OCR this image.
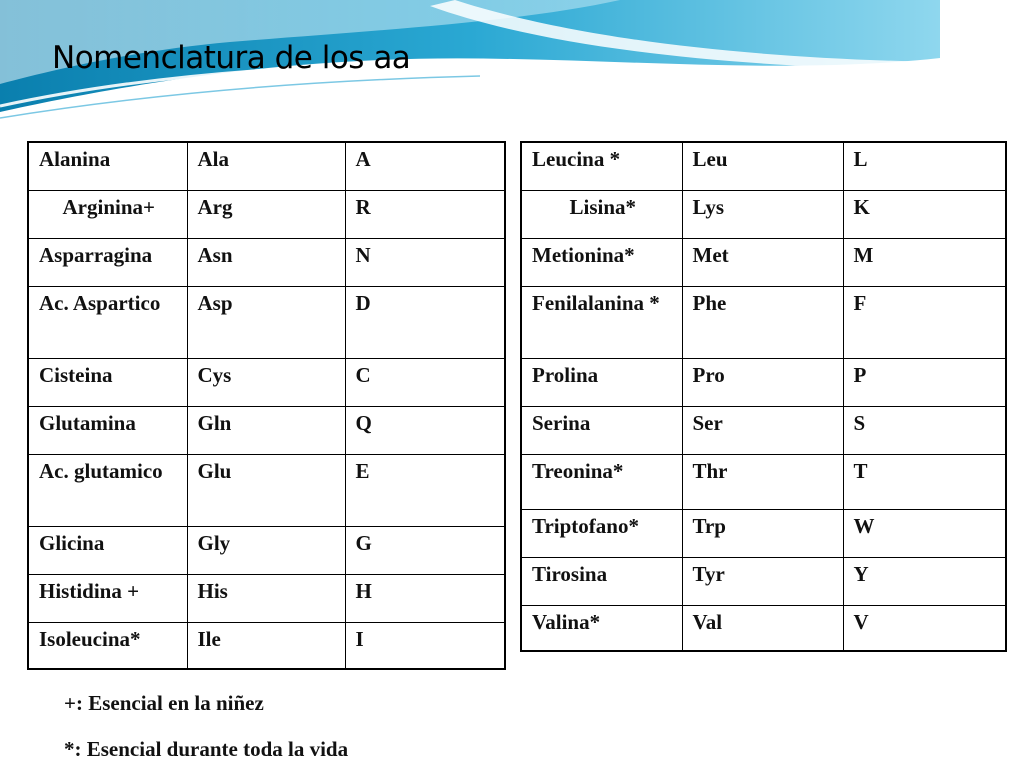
Nomenclatura de los aa
Alanina	Ala	A
Arginina+	Arg	R
Asparragina	Asn	N
Ac. Aspartico	Asp	D
Cisteina	Cys	C
Glutamina	Gln	Q
Ac. glutamico	Glu	E
Glicina	Gly	G
Histidina +	His	H
Isoleucina*	Ile	I
Leucina *	Leu	L
Lisina*	Lys	K
Metionina*	Met	M
Fenilalanina *	Phe	F
Prolina	Pro	P
Serina	Ser	S
Treonina*	Thr	T
Triptofano*	Trp	W
Tirosina	Tyr	Y
Valina*	Val	V
+: Esencial en la niñez
*: Esencial durante toda la vida
